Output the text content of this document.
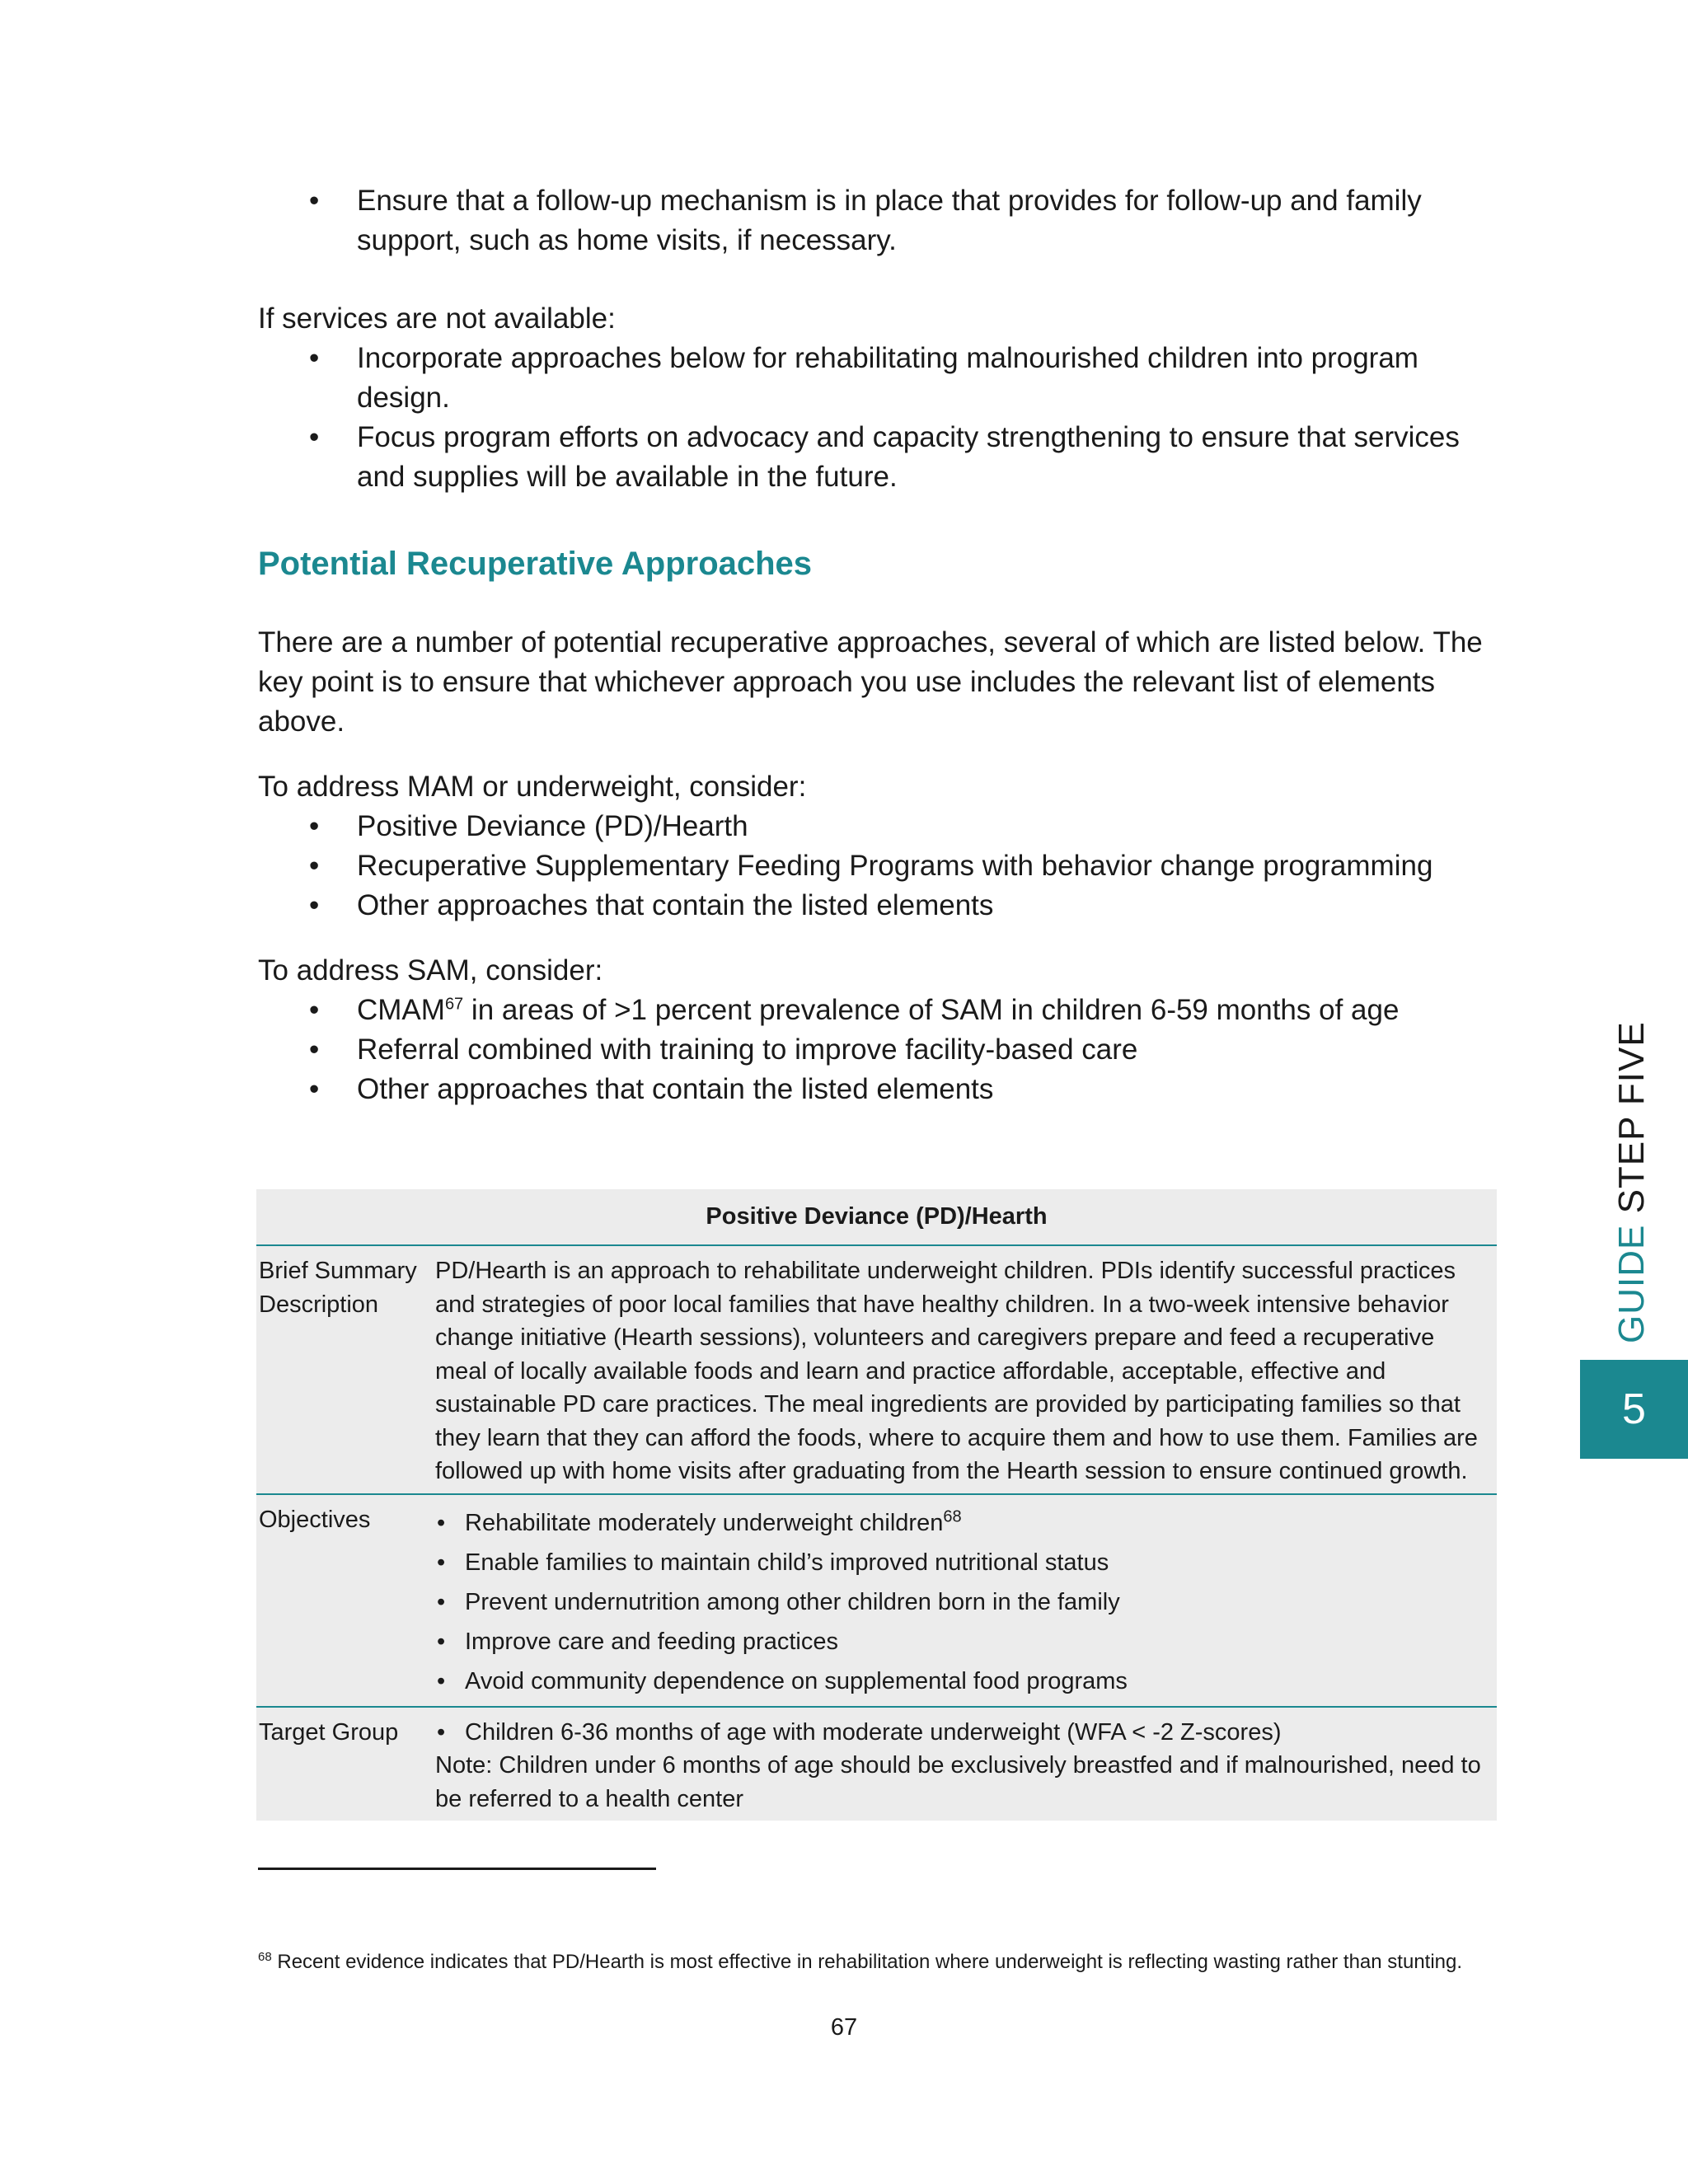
• Ensure that a follow-up mechanism is in place that provides for follow-up and family support, such as home visits, if necessary.

If services are not available:

• Incorporate approaches below for rehabilitating malnourished children into program design.
• Focus program efforts on advocacy and capacity strengthening to ensure that services and supplies will be available in the future.
Potential Recuperative Approaches

There are a number of potential recuperative approaches, several of which are listed below. The key point is to ensure that whichever approach you use includes the relevant list of elements above.

To address MAM or underweight, consider:

• Positive Deviance (PD)/Hearth
• Recuperative Supplementary Feeding Programs with behavior change programming
• Other approaches that contain the listed elements

To address SAM, consider:

• CMAM$^{67}$ in areas of >1 percent prevalence of SAM in children 6-59 months of age
• Referral combined with training to improve facility-based care
• Other approaches that contain the listed elements
Positive Deviance (PD)/Hearth
Brief Summary Description
PD/Hearth is an approach to rehabilitate underweight children. PDIs identify successful practices and strategies of poor local families that have healthy children. In a two-week intensive behavior change initiative (Hearth sessions), volunteers and caregivers prepare and feed a recuperative meal of locally available foods and learn and practice affordable, acceptable, effective and sustainable PD care practices. The meal ingredients are provided by participating families so that they learn that they can afford the foods, where to acquire them and how to use them. Families are followed up with home visits after graduating from the Hearth session to ensure continued growth.
Objectives	• Rehabilitate moderately underweight children$^{68}$
• Enable families to maintain child’s improved nutritional status
• Prevent undernutrition among other children born in the family
• Improve care and feeding practices
• Avoid community dependence on supplemental food programs
Target Group	• Children 6-36 months of age with moderate underweight (WFA < -2 Z-scores)
Note: Children under 6 months of age should be exclusively breastfed and if malnourished, need to be referred to a health center
$^{68}$ Recent evidence indicates that PD/Hearth is most effective in rehabilitation where underweight is reflecting wasting rather than stunting.
67
GUIDE STEP FIVE
5
